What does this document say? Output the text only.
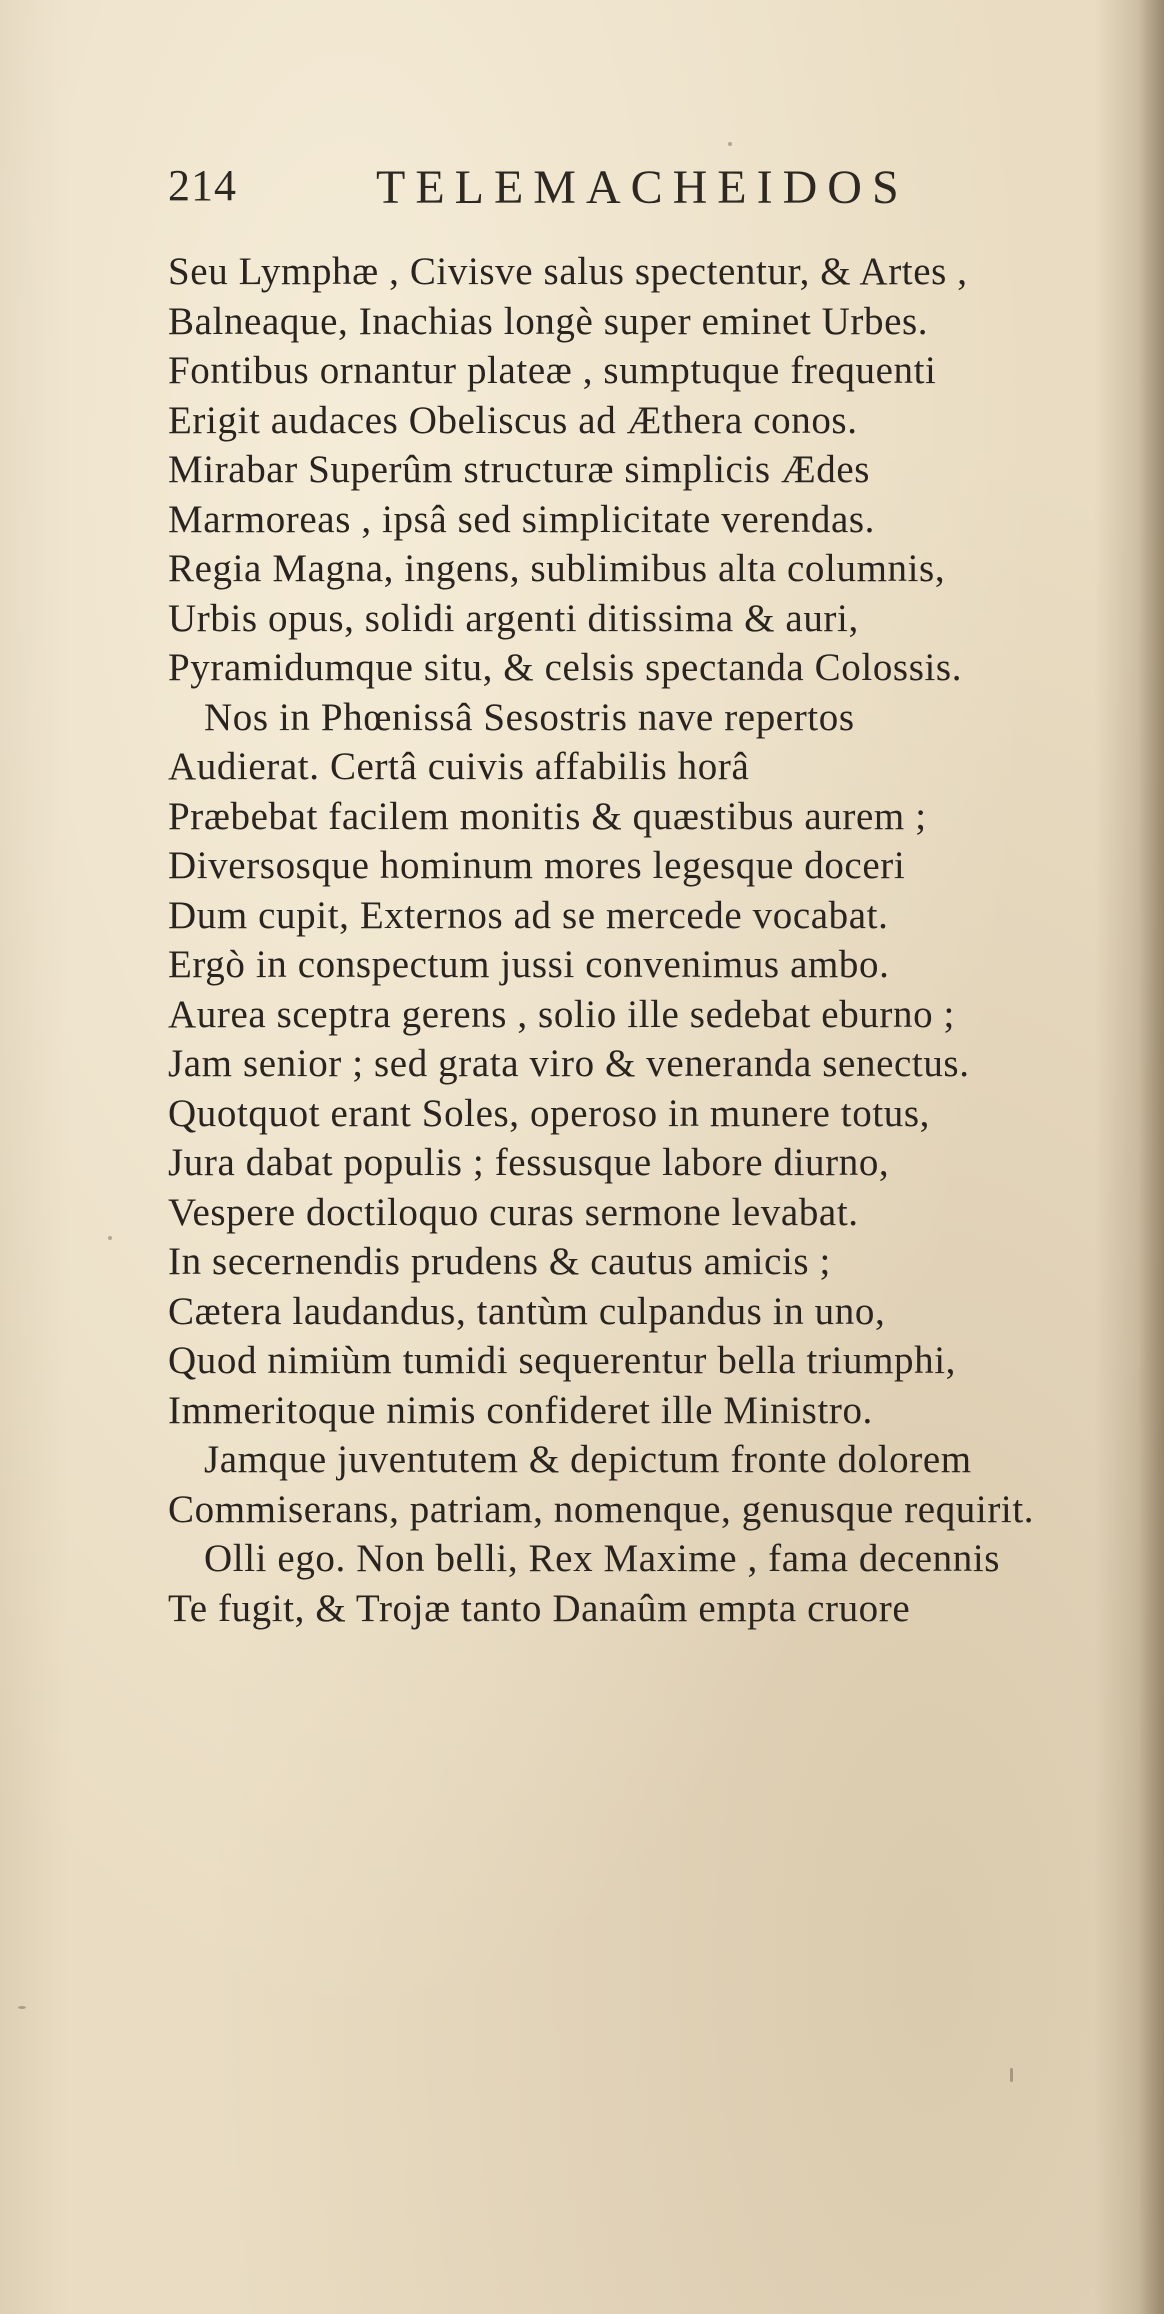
214	TELEMACHEIDOS
Seu Lymphæ , Civisve salus spectentur, & Artes ,
Balneaque, Inachias longè super eminet Urbes.
Fontibus ornantur plateæ , sumptuque frequenti
Erigit audaces Obeliscus ad Æthera conos.
Mirabar Superûm structuræ simplicis Ædes
Marmoreas , ipsâ sed simplicitate verendas.
Regia Magna, ingens, sublimibus alta columnis,
Urbis opus, solidi argenti ditissima & auri,
Pyramidumque situ, & celsis spectanda Colossis.
Nos in Phœnissâ Sesostris nave repertos
Audierat. Certâ cuivis affabilis horâ
Præbebat facilem monitis & quæstibus aurem ;
Diversosque hominum mores legesque doceri
Dum cupit, Externos ad se mercede vocabat.
Ergò in conspectum jussi convenimus ambo.
Aurea sceptra gerens , solio ille sedebat eburno ;
Jam senior ; sed grata viro & veneranda senectus.
Quotquot erant Soles, operoso in munere totus,
Jura dabat populis ; fessusque labore diurno,
Vespere doctiloquo curas sermone levabat.
In secernendis prudens & cautus amicis ;
Cætera laudandus, tantùm culpandus in uno,
Quod nimiùm tumidi sequerentur bella triumphi,
Immeritoque nimis confideret ille Ministro.
Jamque juventutem & depictum fronte dolorem
Commiserans, patriam, nomenque, genusque requirit.
Olli ego. Non belli, Rex Maxime , fama decennis
Te fugit, & Trojæ tanto Danaûm empta cruore
